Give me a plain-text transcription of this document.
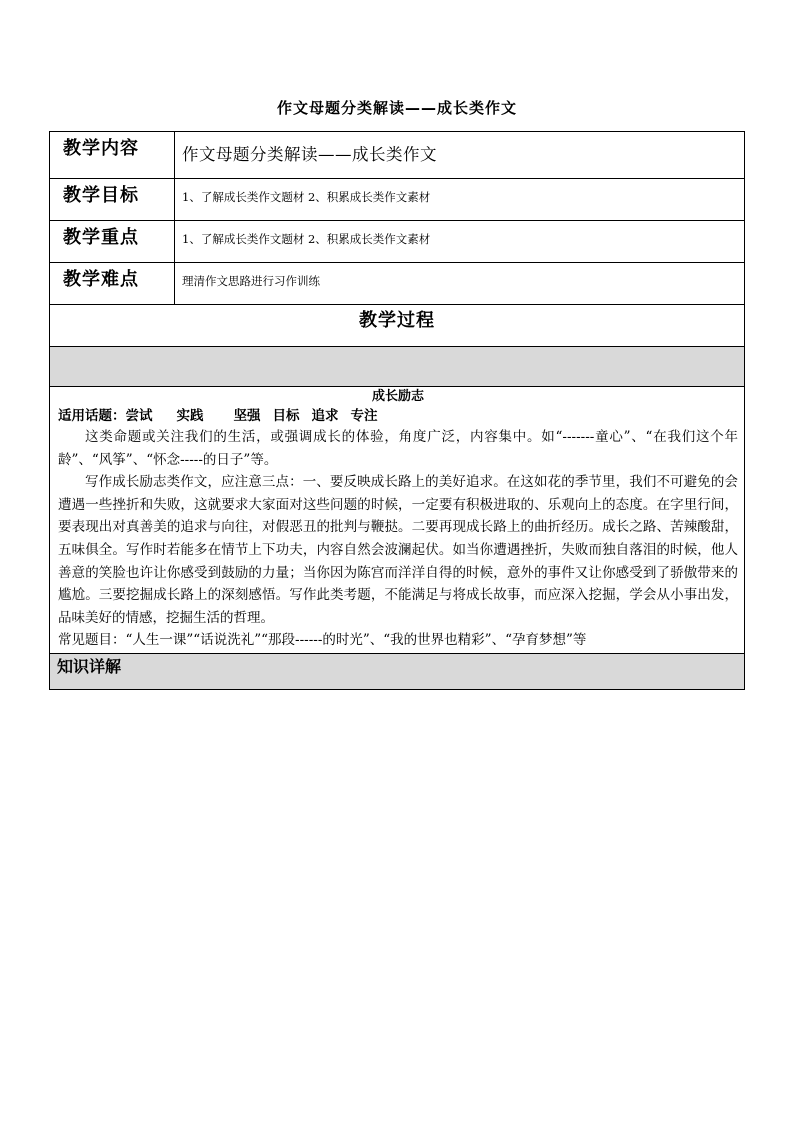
作文母题分类解读——成长类作文
教学内容	作文母题分类解读——成长类作文
教学目标	1、了解成长类作文题材 2、积累成长类作文素材
教学重点	1、了解成长类作文题材 2、积累成长类作文素材
教学难点	理清作文思路进行习作训练
教学过程	

成长励志
适用话题：尝试 实践 坚强 目标 追求 专注

这类命题或关注我们的生活，或强调成长的体验，角度广泛，内容集中。如“-------童心”、“在我们这个年龄”、“风筝”、“怀念-----的日子”等。

写作成长励志类作文，应注意三点：一、要反映成长路上的美好追求。在这如花的季节里，我们不可避免的会遭遇一些挫折和失败，这就要求大家面对这些问题的时候，一定要有积极进取的、乐观向上的态度。在字里行间，要表现出对真善美的追求与向往，对假恶丑的批判与鞭挞。二要再现成长路上的曲折经历。成长之路、苦辣酸甜，五味俱全。写作时若能多在情节上下功夫，内容自然会波澜起伏。如当你遭遇挫折，失败而独自落泪的时候，他人善意的笑脸也许让你感受到鼓励的力量；当你因为陈宫而洋洋自得的时候，意外的事件又让你感受到了骄傲带来的尴尬。三要挖掘成长路上的深刻感悟。写作此类考题，不能满足与将成长故事，而应深入挖掘，学会从小事出发，品味美好的情感，挖掘生活的哲理。

常见题目：“人生一课”“话说洗礼”“那段------的时光”、“我的世界也精彩”、“孕育梦想”等	

知识详解	
